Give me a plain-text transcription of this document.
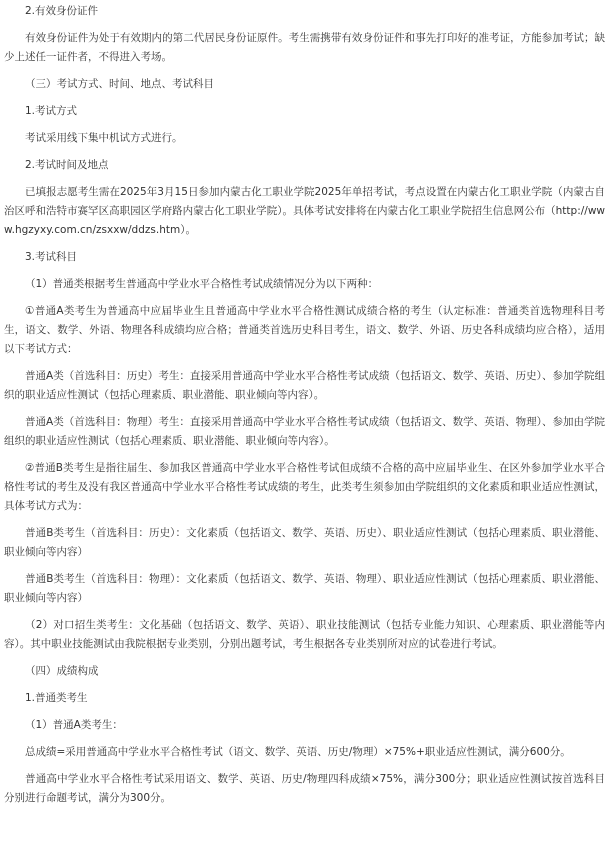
2.有效身份证件

有效身份证件为处于有效期内的第二代居民身份证原件。考生需携带有效身份证件和事先打印好的准考证，方能参加考试；缺少上述任一证件者，不得进入考场。

（三）考试方式、时间、地点、考试科目

1.考试方式

考试采用线下集中机试方式进行。

2.考试时间及地点

已填报志愿考生需在2025年3月15日参加内蒙古化工职业学院2025年单招考试，考点设置在内蒙古化工职业学院（内蒙古自治区呼和浩特市赛罕区高职园区学府路内蒙古化工职业学院）。具体考试安排将在内蒙古化工职业学院招生信息网公布（http://www.hgzyxy.com.cn/zsxxw/ddzs.htm）。

3.考试科目

（1）普通类根据考生普通高中学业水平合格性考试成绩情况分为以下两种：

①普通A类考生为普通高中应届毕业生且普通高中学业水平合格性测试成绩合格的考生（认定标准：普通类首选物理科目考生，语文、数学、外语、物理各科成绩均应合格；普通类首选历史科目考生，语文、数学、外语、历史各科成绩均应合格），适用以下考试方式：

普通A类（首选科目：历史）考生：直接采用普通高中学业水平合格性考试成绩（包括语文、数学、英语、历史）、参加学院组织的职业适应性测试（包括心理素质、职业潜能、职业倾向等内容）。

普通A类（首选科目：物理）考生：直接采用普通高中学业水平合格性考试成绩（包括语文、数学、英语、物理）、参加由学院组织的职业适应性测试（包括心理素质、职业潜能、职业倾向等内容）。

②普通B类考生是指往届生、参加我区普通高中学业水平合格性考试但成绩不合格的高中应届毕业生、在区外参加学业水平合格性考试的考生及没有我区普通高中学业水平合格性考试成绩的考生，此类考生须参加由学院组织的文化素质和职业适应性测试，具体考试方式为：

普通B类考生（首选科目：历史）：文化素质（包括语文、数学、英语、历史）、职业适应性测试（包括心理素质、职业潜能、职业倾向等内容）

普通B类考生（首选科目：物理）：文化素质（包括语文、数学、英语、物理）、职业适应性测试（包括心理素质、职业潜能、职业倾向等内容）

（2）对口招生类考生：文化基础（包括语文、数学、英语）、职业技能测试（包括专业能力知识、心理素质、职业潜能等内容）。其中职业技能测试由我院根据专业类别，分别出题考试，考生根据各专业类别所对应的试卷进行考试。

（四）成绩构成

1.普通类考生

（1）普通A类考生：

总成绩=采用普通高中学业水平合格性考试（语文、数学、英语、历史/物理）×75%+职业适应性测试，满分600分。

普通高中学业水平合格性考试采用语文、数学、英语、历史/物理四科成绩×75%，满分300分；职业适应性测试按首选科目分别进行命题考试，满分为300分。
